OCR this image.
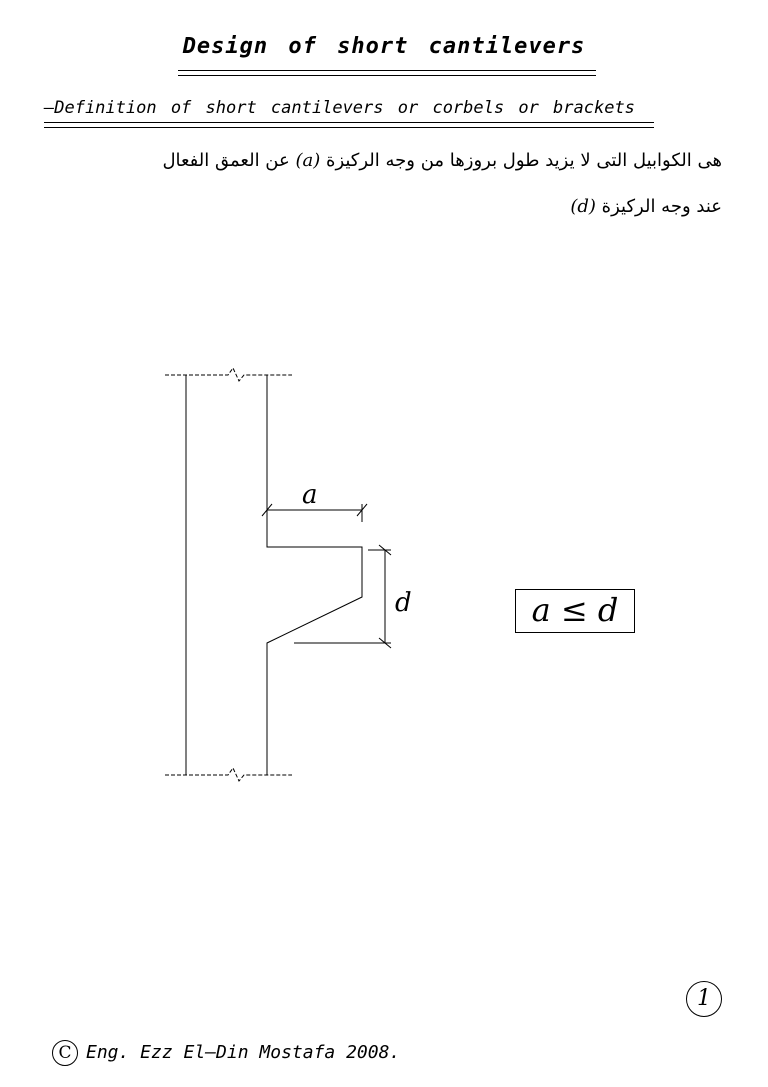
Design of short cantilevers
–Definition of short cantilevers or corbels or brackets
هى الكوابيل التى لا يزيد طول بروزها من وجه الركيزة (a) عن العمق الفعال
عند وجه الركيزة (d)
a
d	a ≤ d
1
C Eng. Ezz El–Din Mostafa 2008.
